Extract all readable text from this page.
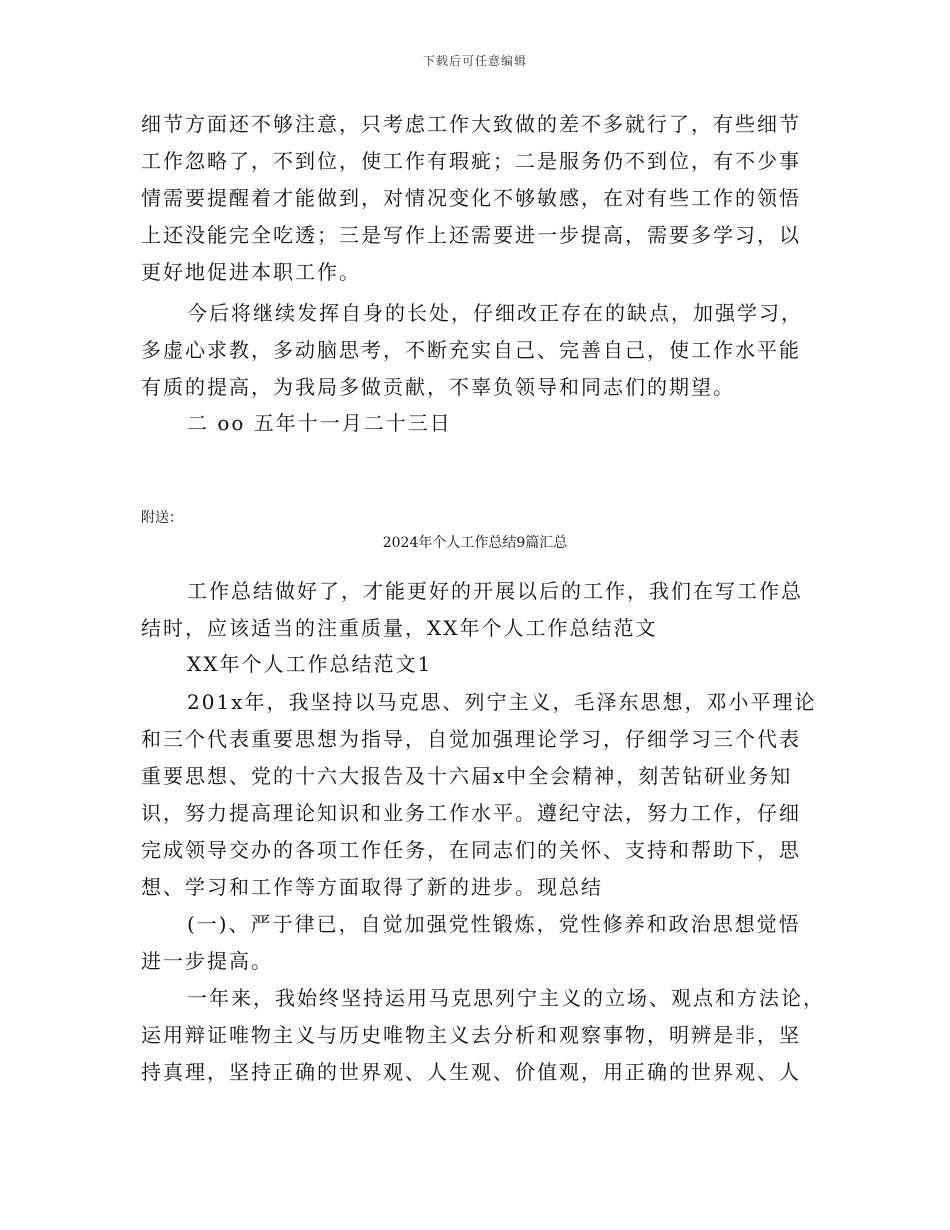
下载后可任意编辑
细节方面还不够注意，只考虑工作大致做的差不多就行了，有些细节
工作忽略了，不到位，使工作有瑕疵；二是服务仍不到位，有不少事
情需要提醒着才能做到，对情况变化不够敏感，在对有些工作的领悟
上还没能完全吃透；三是写作上还需要进一步提高，需要多学习，以
更好地促进本职工作。
今后将继续发挥自身的长处，仔细改正存在的缺点，加强学习，
多虚心求教，多动脑思考，不断充实自己、完善自己，使工作水平能
有质的提高，为我局多做贡献，不辜负领导和同志们的期望。
二 oo 五年十一月二十三日
附送：
2024年个人工作总结9篇汇总
工作总结做好了，才能更好的开展以后的工作，我们在写工作总
结时，应该适当的注重质量，XX年个人工作总结范文
XX年个人工作总结范文1
201x年，我坚持以马克思、列宁主义，毛泽东思想，邓小平理论
和三个代表重要思想为指导，自觉加强理论学习，仔细学习三个代表
重要思想、党的十六大报告及十六届x中全会精神，刻苦钻研业务知
识，努力提高理论知识和业务工作水平。遵纪守法，努力工作，仔细
完成领导交办的各项工作任务，在同志们的关怀、支持和帮助下，思
想、学习和工作等方面取得了新的进步。现总结
(一)、严于律已，自觉加强党性锻炼，党性修养和政治思想觉悟
进一步提高。
一年来，我始终坚持运用马克思列宁主义的立场、观点和方法论，
运用辩证唯物主义与历史唯物主义去分析和观察事物，明辨是非，坚
持真理，坚持正确的世界观、人生观、价值观，用正确的世界观、人
